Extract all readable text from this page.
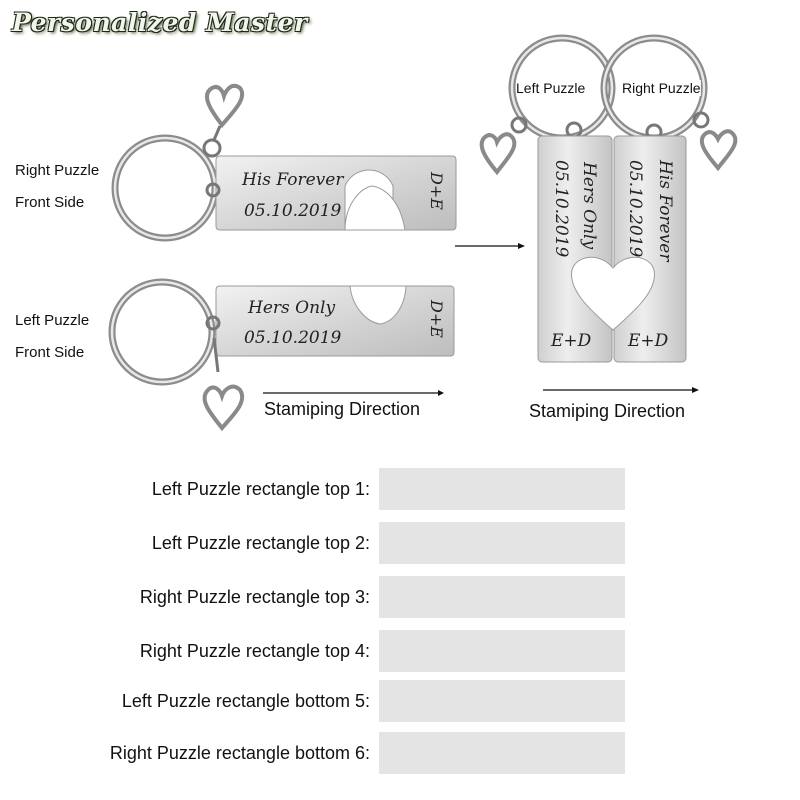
Personalized Master
Right Puzzle
Front Side
Left Puzzle
Front Side
His Forever
05.10.2019
D+E
Hers Only
05.10.2019
D+E
Hers Only
05.10.2019
E+D
His Forever
05.10.2019
E+D
Left Puzzle	Right Puzzle
Stamiping Direction	Stamiping Direction
Left Puzzle rectangle top 1:
Left Puzzle rectangle top 2:
Right Puzzle rectangle top 3:
Right Puzzle rectangle top 4:
Left Puzzle rectangle bottom 5:
Right Puzzle rectangle bottom 6:
